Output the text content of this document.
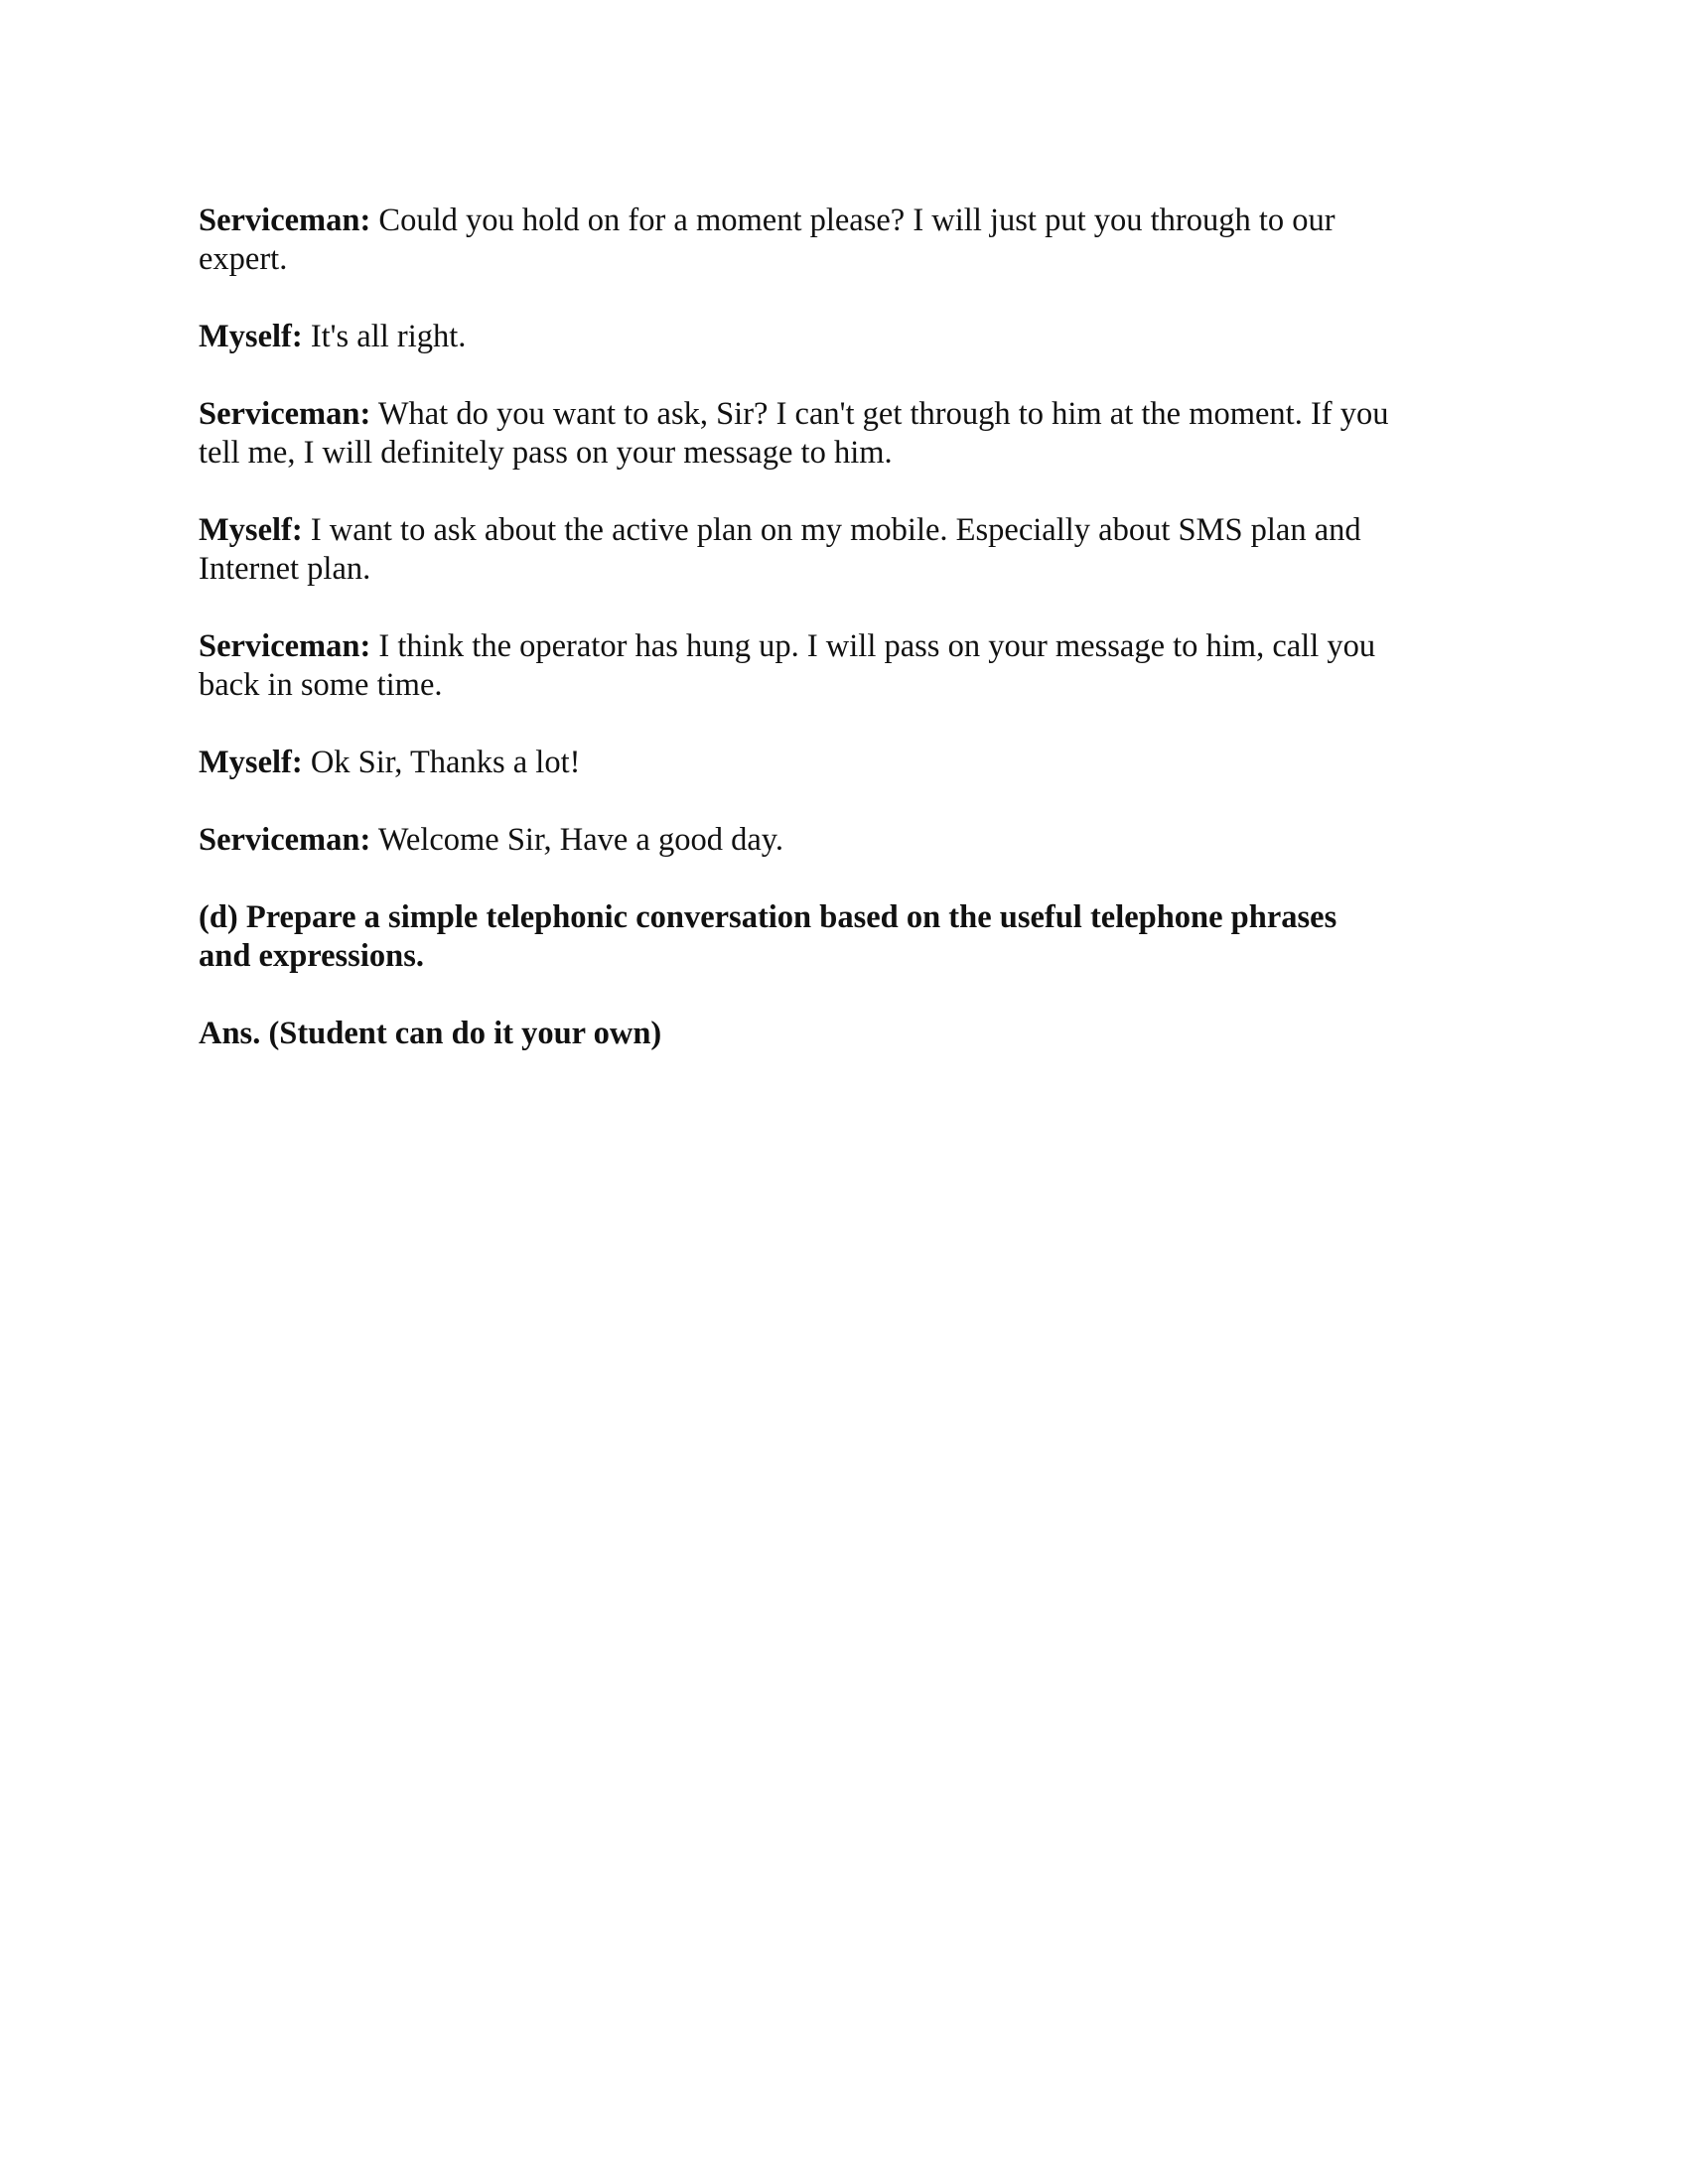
Serviceman: Could you hold on for a moment please? I will just put you through to our
expert.

Myself: It's all right.

Serviceman: What do you want to ask, Sir? I can't get through to him at the moment. If you
tell me, I will definitely pass on your message to him.

Myself: I want to ask about the active plan on my mobile. Especially about SMS plan and
Internet plan.

Serviceman: I think the operator has hung up. I will pass on your message to him, call you
back in some time.

Myself: Ok Sir, Thanks a lot!

Serviceman: Welcome Sir, Have a good day.

(d) Prepare a simple telephonic conversation based on the useful telephone phrases
and expressions.

Ans. (Student can do it your own)
